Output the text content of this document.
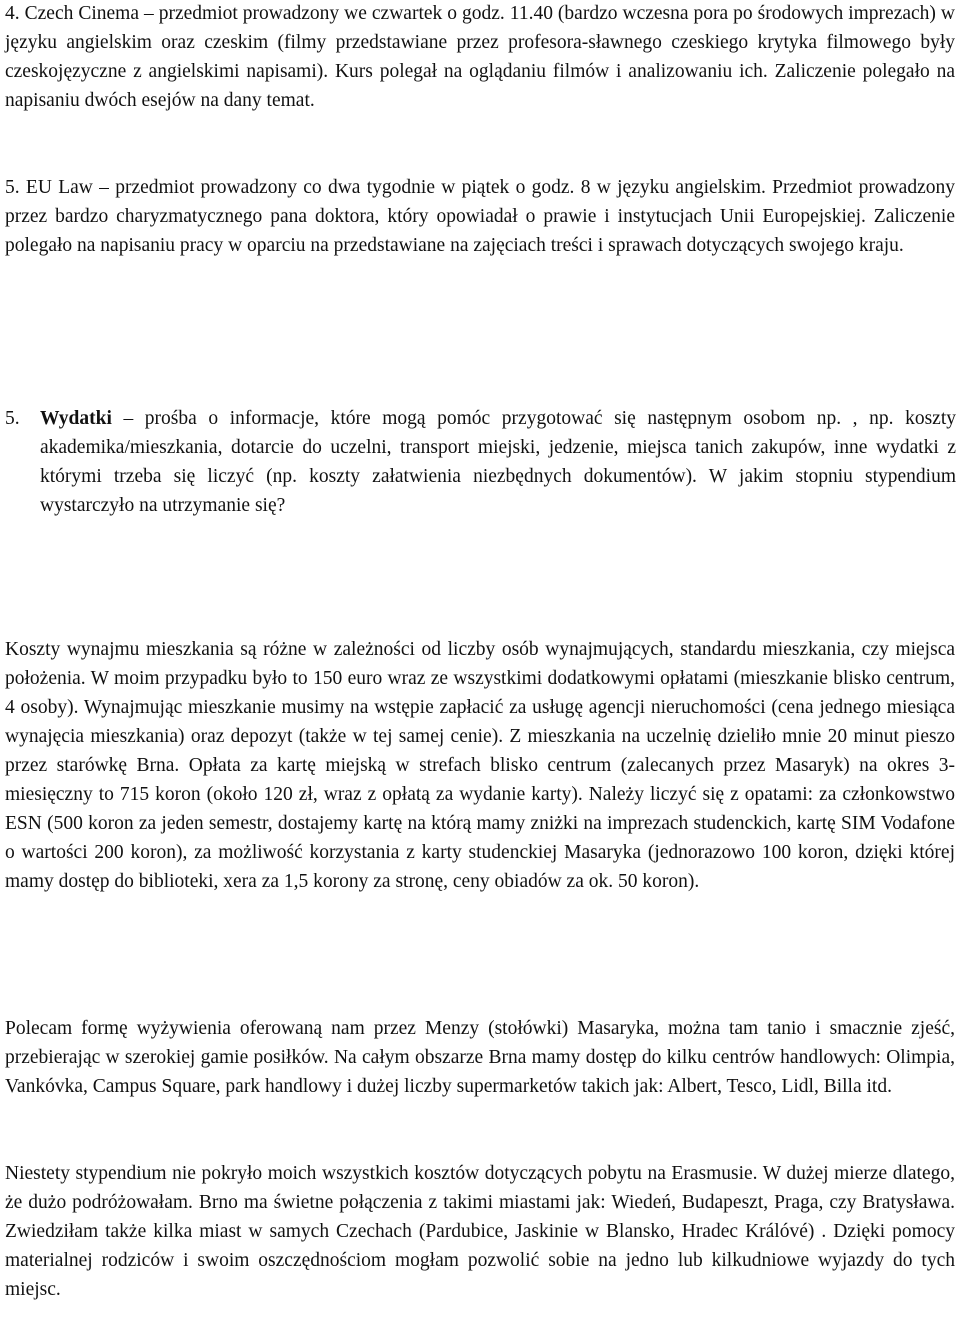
4. Czech Cinema – przedmiot prowadzony we czwartek o godz. 11.40 (bardzo wczesna pora po środowych imprezach) w języku angielskim oraz czeskim (filmy przedstawiane przez profesora-sławnego czeskiego krytyka filmowego były czeskojęzyczne z angielskimi napisami). Kurs polegał na oglądaniu filmów i analizowaniu ich. Zaliczenie polegało na napisaniu dwóch esejów na dany temat.

5. EU Law – przedmiot prowadzony co dwa tygodnie w piątek o godz. 8 w języku angielskim. Przedmiot prowadzony przez bardzo charyzmatycznego pana doktora, który opowiadał o prawie i instytucjach Unii Europejskiej. Zaliczenie polegało na napisaniu pracy w oparciu na przedstawiane na zajęciach treści i sprawach dotyczących swojego kraju.

5. Wydatki – prośba o informacje, które mogą pomóc przygotować się następnym osobom np. , np. koszty akademika/mieszkania, dotarcie do uczelni, transport miejski, jedzenie, miejsca tanich zakupów, inne wydatki z którymi trzeba się liczyć (np. koszty załatwienia niezbędnych dokumentów). W jakim stopniu stypendium wystarczyło na utrzymanie się?

Koszty wynajmu mieszkania są różne w zależności od liczby osób wynajmujących, standardu mieszkania, czy miejsca położenia. W moim przypadku było to 150 euro wraz ze wszystkimi dodatkowymi opłatami (mieszkanie blisko centrum, 4 osoby). Wynajmując mieszkanie musimy na wstępie zapłacić za usługę agencji nieruchomości (cena jednego miesiąca wynajęcia mieszkania) oraz depozyt (także w tej samej cenie). Z mieszkania na uczelnię dzieliło mnie 20 minut pieszo przez starówkę Brna. Opłata za kartę miejską w strefach blisko centrum (zalecanych przez Masaryk) na okres 3-miesięczny to 715 koron (około 120 zł, wraz z opłatą za wydanie karty). Należy liczyć się z opatami: za członkowstwo ESN (500 koron za jeden semestr, dostajemy kartę na którą mamy zniżki na imprezach studenckich, kartę SIM Vodafone o wartości 200 koron), za możliwość korzystania z karty studenckiej Masaryka (jednorazowo 100 koron, dzięki której mamy dostęp do biblioteki, xera za 1,5 korony za stronę, ceny obiadów za ok. 50 koron).

Polecam formę wyżywienia oferowaną nam przez Menzy (stołówki) Masaryka, można tam tanio i smacznie zjeść, przebierając w szerokiej gamie posiłków. Na całym obszarze Brna mamy dostęp do kilku centrów handlowych: Olimpia, Vankóvka, Campus Square, park handlowy i dużej liczby supermarketów takich jak: Albert, Tesco, Lidl, Billa itd.

Niestety stypendium nie pokryło moich wszystkich kosztów dotyczących pobytu na Erasmusie. W dużej mierze dlatego, że dużo podróżowałam. Brno ma świetne połączenia z takimi miastami jak: Wiedeń, Budapeszt, Praga, czy Bratysława. Zwiedziłam także kilka miast w samych Czechach (Pardubice, Jaskinie w Blansko, Hradec Králóvé) . Dzięki pomocy materialnej rodziców i swoim oszczędnościom mogłam pozwolić sobie na jedno lub kilkudniowe wyjazdy do tych miejsc.
